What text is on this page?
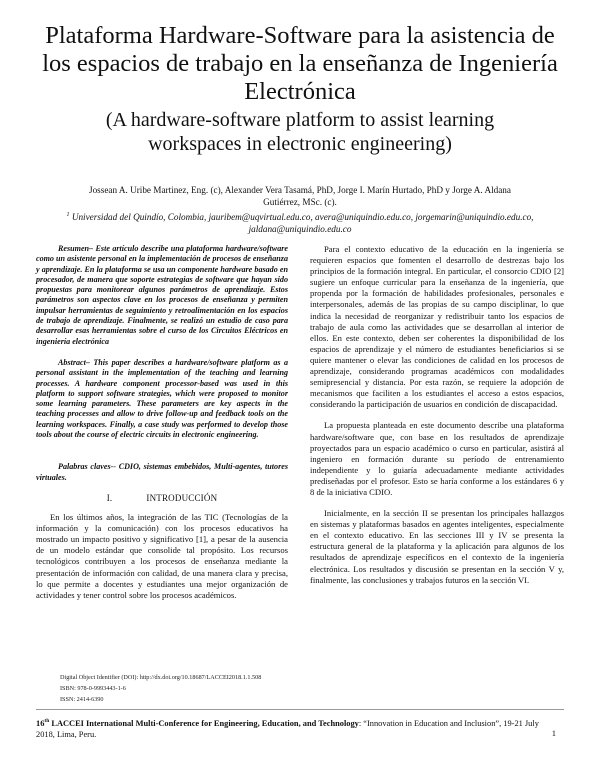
Plataforma Hardware-Software para la asistencia de
los espacios de trabajo en la enseñanza de Ingeniería
Electrónica
(A hardware-software platform to assist learning
workspaces in electronic engineering)
Jossean A. Uribe Martinez, Eng. (c), Alexander Vera Tasamá, PhD, Jorge I. Marín Hurtado, PhD y Jorge A. Aldana
Gutiérrez, MSc. (c).
$^1$ Universidad del Quindío, Colombia, jauribem@uqvirtual.edu.co, avera@uniquindio.edu.co, jorgemarin@uniquindio.edu.co,
jaldana@uniquindio.edu.co

Resumen– Este artículo describe una plataforma hardware/software como un asistente personal en la implementación de procesos de enseñanza y aprendizaje. En la plataforma se usa un componente hardware basado en procesador, de manera que soporte estrategias de software que hayan sido propuestas para monitorear algunos parámetros de aprendizaje. Estos parámetros son aspectos clave en los procesos de enseñanza y permiten impulsar herramientas de seguimiento y retroalimentación en los espacios de trabajo de aprendizaje. Finalmente, se realizó un estudio de caso para desarrollar esas herramientas sobre el curso de los Circuitos Eléctricos en ingeniería electrónica

Abstract– This paper describes a hardware/software platform as a personal assistant in the implementation of the teaching and learning processes. A hardware component processor-based was used in this platform to support software strategies, which were proposed to monitor some learning parameters. These parameters are key aspects in the teaching processes and allow to drive follow-up and feedback tools on the learning workspaces. Finally, a case study was performed to develop those tools about the course of electric circuits in electronic engineering.

Palabras claves-- CDIO, sistemas embebidos, Multi-agentes, tutores virtuales.

I.	INTRODUCCIÓN

En los últimos años, la integración de las TIC (Tecnologías de la información y la comunicación) con los procesos educativos ha mostrado un impacto positivo y significativo [1], a pesar de la ausencia de un modelo estándar que consolide tal propósito. Los recursos tecnológicos contribuyen a los procesos de enseñanza mediante la presentación de información con calidad, de una manera clara y precisa, lo que permite a docentes y estudiantes una mejor organización de actividades y tener control sobre los procesos académicos.

Para el contexto educativo de la educación en la ingeniería se requieren espacios que fomenten el desarrollo de destrezas bajo los principios de la formación integral. En particular, el consorcio CDIO [2] sugiere un enfoque curricular para la enseñanza de la ingeniería, que propenda por la formación de habilidades profesionales, personales e interpersonales, además de las propias de su campo disciplinar, lo que indica la necesidad de reorganizar y redistribuir tanto los espacios de trabajo de aula como las actividades que se desarrollan al interior de ellos. En este contexto, deben ser coherentes la disponibilidad de los espacios de aprendizaje y el número de estudiantes beneficiarios si se quiere mantener o elevar las condiciones de calidad en los procesos de aprendizaje, considerando programas académicos con modalidades semipresencial y distancia. Por esta razón, se requiere la adopción de mecanismos que faciliten a los estudiantes el acceso a estos espacios, considerando la participación de usuarios en condición de discapacidad.

La propuesta planteada en este documento describe una plataforma hardware/software que, con base en los resultados de aprendizaje proyectados para un espacio académico o curso en particular, asistirá al ingeniero en formación durante su período de entrenamiento independiente y lo guiaría adecuadamente mediante actividades prediseñadas por el profesor. Esto se haría conforme a los estándares 6 y 8 de la iniciativa CDIO.

Inicialmente, en la sección II se presentan los principales hallazgos en sistemas y plataformas basados en agentes inteligentes, especialmente en el contexto educativo. En las secciones III y IV se presenta la estructura general de la plataforma y la aplicación para algunos de los resultados de aprendizaje específicos en el contexto de la ingeniería electrónica. Los resultados y discusión se presentan en la sección V y, finalmente, las conclusiones y trabajos futuros en la sección VI.

Digital Object Identifier (DOI): http://dx.doi.org/10.18687/LACCEI2018.1.1.508
ISBN: 978-0-9993443-1-6
ISSN: 2414-6390
16th LACCEI International Multi-Conference for Engineering, Education, and Technology: “Innovation in Education and Inclusion”, 19-21 July 2018, Lima, Peru.	1
